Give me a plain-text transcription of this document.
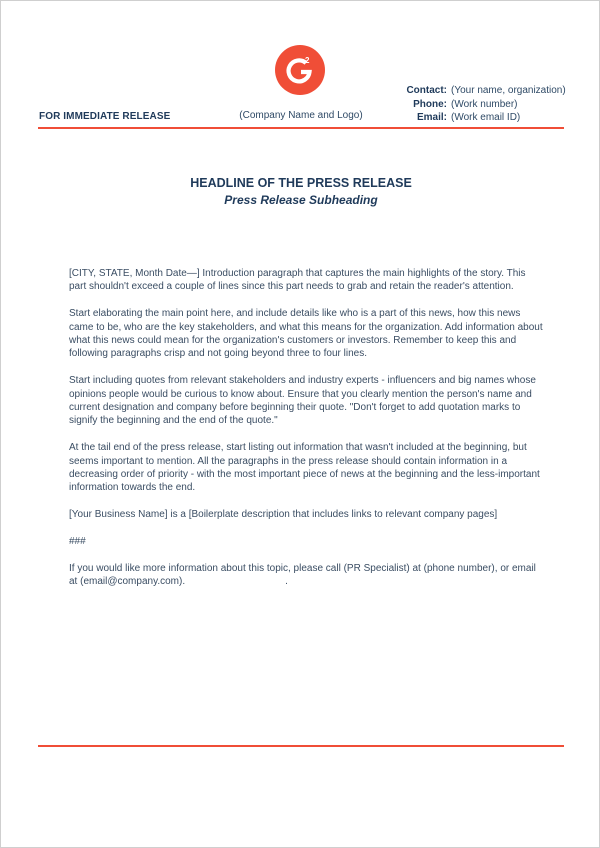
2
FOR IMMEDIATE RELEASE	(Company Name and Logo)
Contact: (Your name, organization)
Phone: (Work number)
Email: (Work email ID)
HEADLINE OF THE PRESS RELEASE
Press Release Subheading

[CITY, STATE, Month Date—] Introduction paragraph that captures the main highlights of the story. This part shouldn't exceed a couple of lines since this part needs to grab and retain the reader's attention.

Start elaborating the main point here, and include details like who is a part of this news, how this news came to be, who are the key stakeholders, and what this means for the organization. Add information about what this news could mean for the organization's customers or investors. Remember to keep this and following paragraphs crisp and not going beyond three to four lines.

Start including quotes from relevant stakeholders and industry experts - influencers and big names whose opinions people would be curious to know about. Ensure that you clearly mention the person's name and current designation and company before beginning their quote. "Don't forget to add quotation marks to signify the beginning and the end of the quote."

At the tail end of the press release, start listing out information that wasn't included at the beginning, but seems important to mention. All the paragraphs in the press release should contain information in a decreasing order of priority - with the most important piece of news at the beginning and the less-important information towards the end.

[Your Business Name] is a [Boilerplate description that includes links to relevant company pages]

###

If you would like more information about this topic, please call (PR Specialist) at (phone number), or email  at (email@company.com).                                    .
